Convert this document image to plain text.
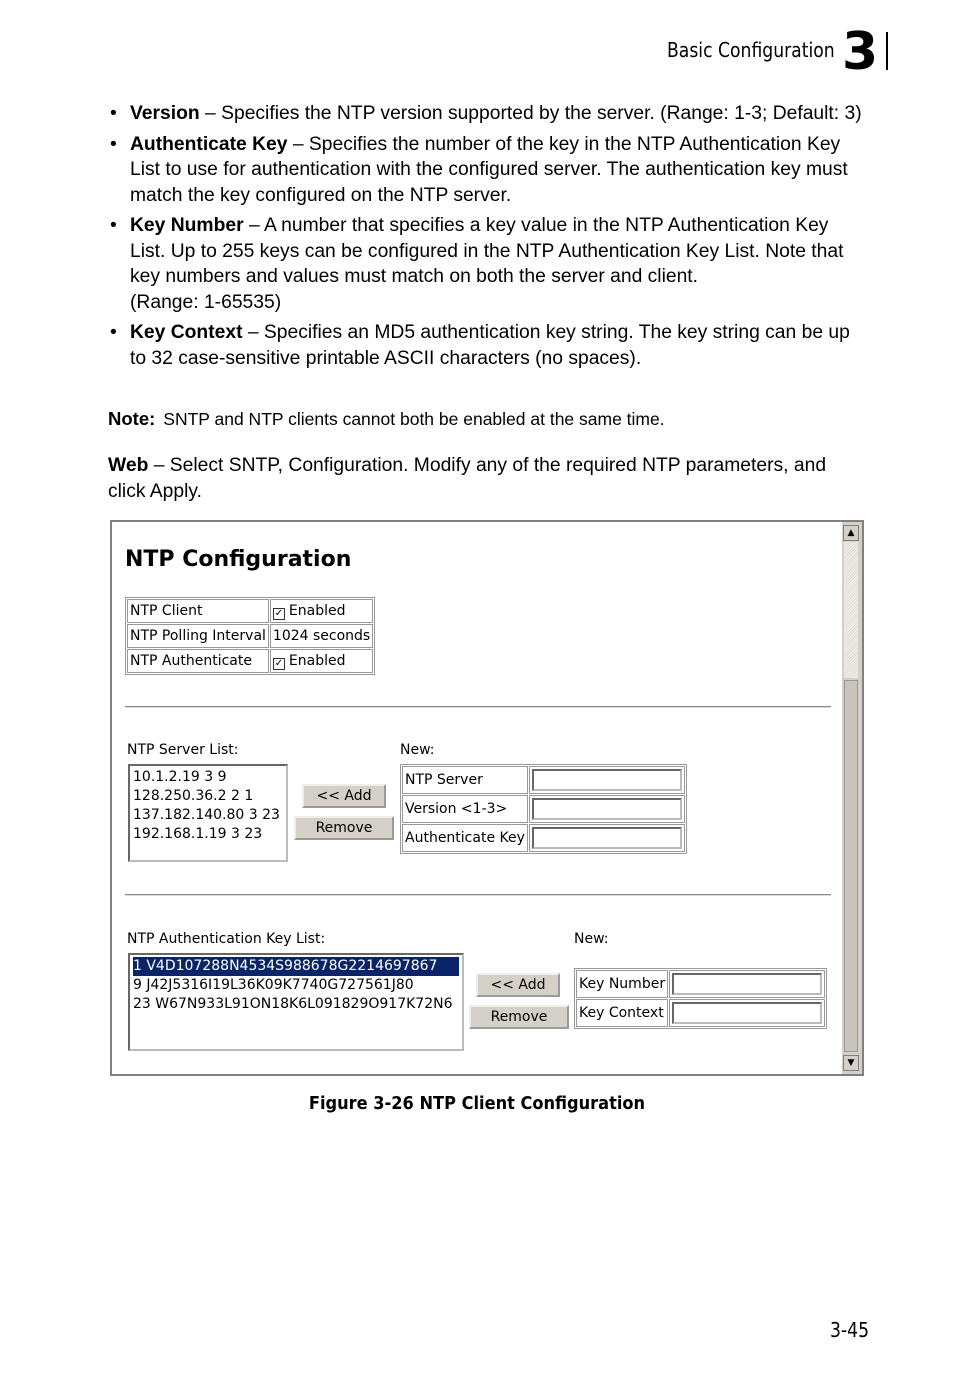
Basic Configuration 3
• Version – Specifies the NTP version supported by the server. (Range: 1-3; Default: 3)
• Authenticate Key – Specifies the number of the key in the NTP Authentication Key List to use for authentication with the configured server. The authentication key must match the key configured on the NTP server.
• Key Number – A number that specifies a key value in the NTP Authentication Key List. Up to 255 keys can be configured in the NTP Authentication Key List. Note that key numbers and values must match on both the server and client.
(Range: 1-65535)
• Key Context – Specifies an MD5 authentication key string. The key string can be up to 32 case-sensitive printable ASCII characters (no spaces).
Note: SNTP and NTP clients cannot both be enabled at the same time.
Web – Select SNTP, Configuration. Modify any of the required NTP parameters, and click Apply.
NTP Configuration
NTP Client	✓ Enabled
NTP Polling Interval	1024 seconds
NTP Authenticate	✓ Enabled
NTP Server List:
10.1.2.19 3 9
128.250.36.2 2 1
137.182.140.80 3 23
192.168.1.19 3 23
<< Add
Remove
New:
NTP Server	
Version <1-3>	
Authenticate Key	
NTP Authentication Key List:
1 V4D107288N4534S988678G2214697867
9 J42J5316I19L36K09K7740G727561J80
23 W67N933L91ON18K6L091829O917K72N6
<< Add
Remove
New:
Key Number	
Key Context	
▲
▼
Figure 3-26 NTP Client Configuration
3-45
